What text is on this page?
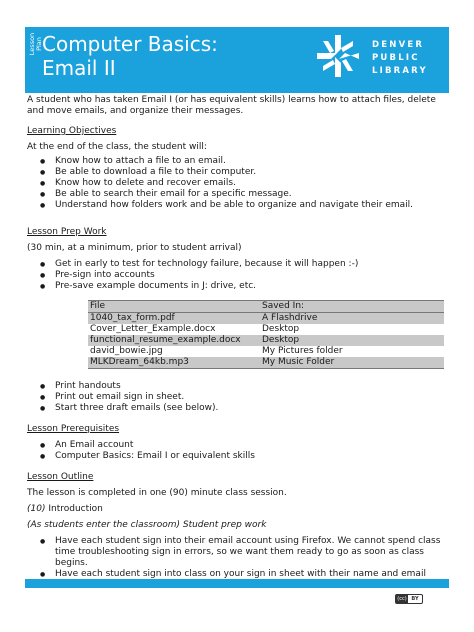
Lesson Plan Computer Basics:
Email II
DENVER
PUBLIC
LIBRARY

A student who has taken Email I (or has equivalent skills) learns how to attach files, delete and move emails, and organize their messages.

Learning Objectives

At the end of the class, the student will:

● Know how to attach a file to an email.
● Be able to download a file to their computer.
● Know how to delete and recover emails.
● Be able to search their email for a specific message.
● Understand how folders work and be able to organize and navigate their email.

Lesson Prep Work

(30 min, at a minimum, prior to student arrival)

● Get in early to test for technology failure, because it will happen :-)
● Pre-sign into accounts
● Pre-save example documents in J: drive, etc.
File	Saved In:
1040_tax_form.pdf	A Flashdrive
Cover_Letter_Example.docx	Desktop
functional_resume_example.docx	Desktop
david_bowie.jpg	My Pictures folder
MLKDream_64kb.mp3	My Music Folder
● Print handouts
● Print out email sign in sheet.
● Start three draft emails (see below).

Lesson Prerequisites

● An Email account
● Computer Basics: Email I or equivalent skills

Lesson Outline

The lesson is completed in one (90) minute class session.

(10) Introduction

(As students enter the classroom) Student prep work

● Have each student sign into their email account using Firefox. We cannot spend class time troubleshooting sign in errors, so we want them ready to go as soon as class begins.
● Have each student sign into class on your sign in sheet with their name and email
(cc) BY
